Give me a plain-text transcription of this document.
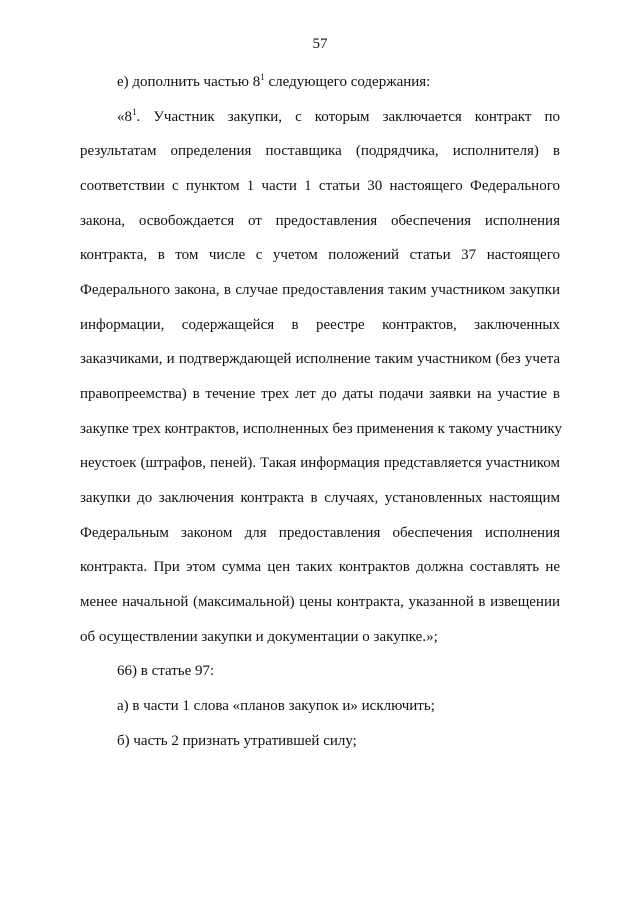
57
е) дополнить частью $8^1$ следующего содержания:
«$8^1$. Участник закупки, с которым заключается контракт по
результатам определения поставщика (подрядчика, исполнителя) в
соответствии с пунктом 1 части 1 статьи 30 настоящего Федерального
закона, освобождается от предоставления обеспечения исполнения
контракта, в том числе с учетом положений статьи 37 настоящего
Федерального закона, в случае предоставления таким участником закупки
информации, содержащейся в реестре контрактов, заключенных
заказчиками, и подтверждающей исполнение таким участником (без учета
правопреемства) в течение трех лет до даты подачи заявки на участие в
закупке трех контрактов, исполненных без применения к такому участнику
неустоек (штрафов, пеней). Такая информация представляется участником
закупки до заключения контракта в случаях, установленных настоящим
Федеральным законом для предоставления обеспечения исполнения
контракта. При этом сумма цен таких контрактов должна составлять не
менее начальной (максимальной) цены контракта, указанной в извещении
об осуществлении закупки и документации о закупке.»;
66) в статье 97:
а) в части 1 слова «планов закупок и» исключить;
б) часть 2 признать утратившей силу;
